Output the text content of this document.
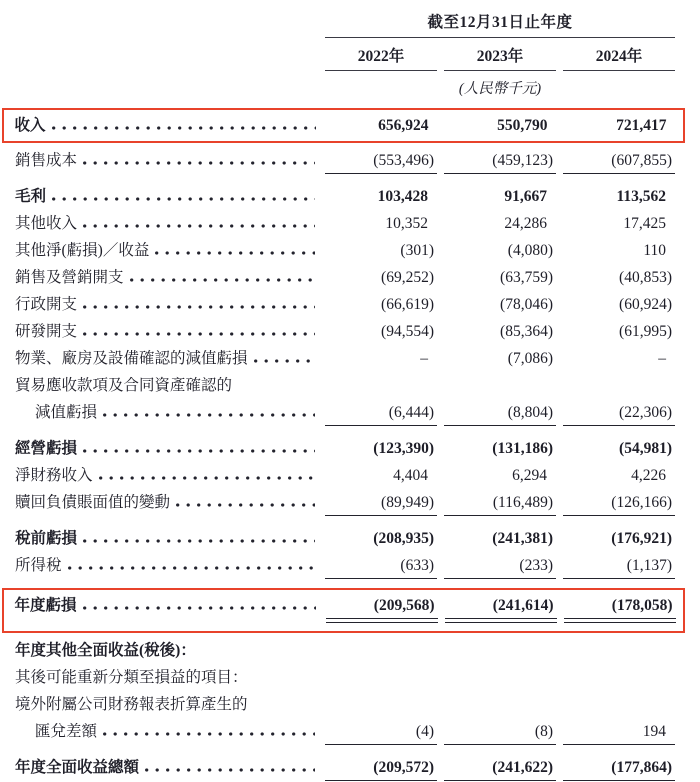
截至12月31日止年度
2022年	2023年	2024年
(人民幣千元)
收入	656,924	550,790	721,417
銷售成本	(553,496)	(459,123)	(607,855)
毛利	103,428	91,667	113,562
其他收入	10,352	24,286	17,425
其他淨(虧損)／收益	(301)	(4,080)	110
銷售及營銷開支	(69,252)	(63,759)	(40,853)
行政開支	(66,619)	(78,046)	(60,924)
研發開支	(94,554)	(85,364)	(61,995)
物業、廠房及設備確認的減值虧損	–	(7,086)	–
貿易應收款項及合同資產確認的
減值虧損	(6,444)	(8,804)	(22,306)
經營虧損	(123,390)	(131,186)	(54,981)
淨財務收入	4,404	6,294	4,226
贖回負債賬面值的變動	(89,949)	(116,489)	(126,166)
稅前虧損	(208,935)	(241,381)	(176,921)
所得稅	(633)	(233)	(1,137)
年度虧損	(209,568)	(241,614)	(178,058)
年度其他全面收益(稅後)：
其後可能重新分類至損益的項目：
境外附屬公司財務報表折算產生的
匯兌差額	(4)	(8)	194
年度全面收益總額	(209,572)	(241,622)	(177,864)
